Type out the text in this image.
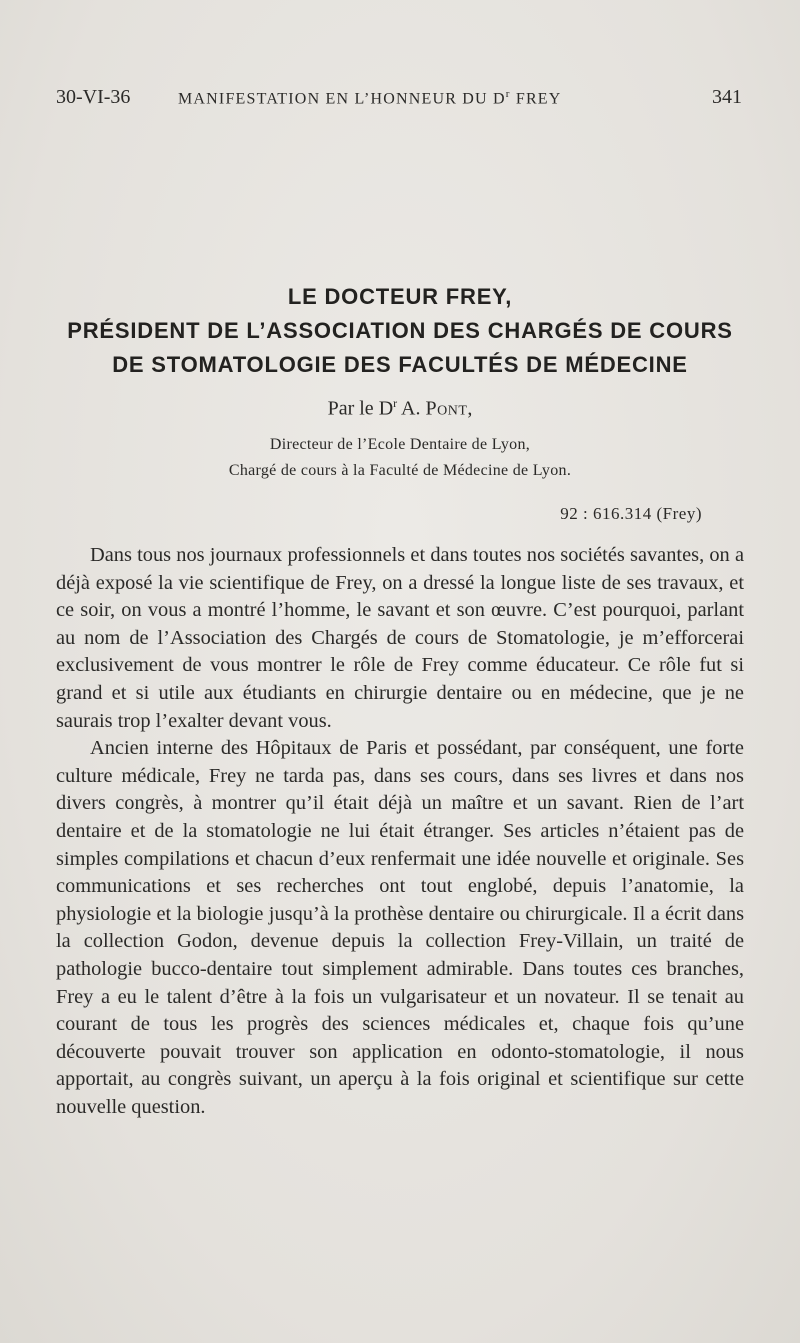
30-VI-36	MANIFESTATION EN L’HONNEUR DU $D^r$ FREY	341
LE DOCTEUR FREY,
PRÉSIDENT DE L’ASSOCIATION DES CHARGÉS DE COURS
DE STOMATOLOGIE DES FACULTÉS DE MÉDECINE
Par le $D^r$ A. Pont,
Directeur de l’Ecole Dentaire de Lyon,
Chargé de cours à la Faculté de Médecine de Lyon.
92 : 616.314 (Frey)

Dans tous nos journaux professionnels et dans toutes nos sociétés savantes, on a déjà exposé la vie scientifique de Frey, on a dressé la longue liste de ses travaux, et ce soir, on vous a montré l’homme, le savant et son œuvre. C’est pourquoi, parlant au nom de l’Association des Chargés de cours de Stomatologie, je m’efforcerai exclusivement de vous montrer le rôle de Frey comme éducateur. Ce rôle fut si grand et si utile aux étudiants en chirurgie dentaire ou en médecine, que je ne saurais trop l’exalter devant vous.

Ancien interne des Hôpitaux de Paris et possédant, par conséquent, une forte culture médicale, Frey ne tarda pas, dans ses cours, dans ses livres et dans nos divers congrès, à montrer qu’il était déjà un maître et un savant. Rien de l’art dentaire et de la stomatologie ne lui était étranger. Ses articles n’étaient pas de simples compilations et chacun d’eux renfermait une idée nouvelle et originale. Ses communications et ses recherches ont tout englobé, depuis l’anatomie, la physiologie et la biologie jusqu’à la prothèse dentaire ou chirurgicale. Il a écrit dans la collection Godon, devenue depuis la collection Frey-Villain, un traité de pathologie bucco-dentaire tout simplement admirable. Dans toutes ces branches, Frey a eu le talent d’être à la fois un vulgarisateur et un novateur. Il se tenait au courant de tous les progrès des sciences médicales et, chaque fois qu’une découverte pouvait trouver son application en odonto-stomatologie, il nous apportait, au congrès suivant, un aperçu à la fois original et scientifique sur cette nouvelle question.
